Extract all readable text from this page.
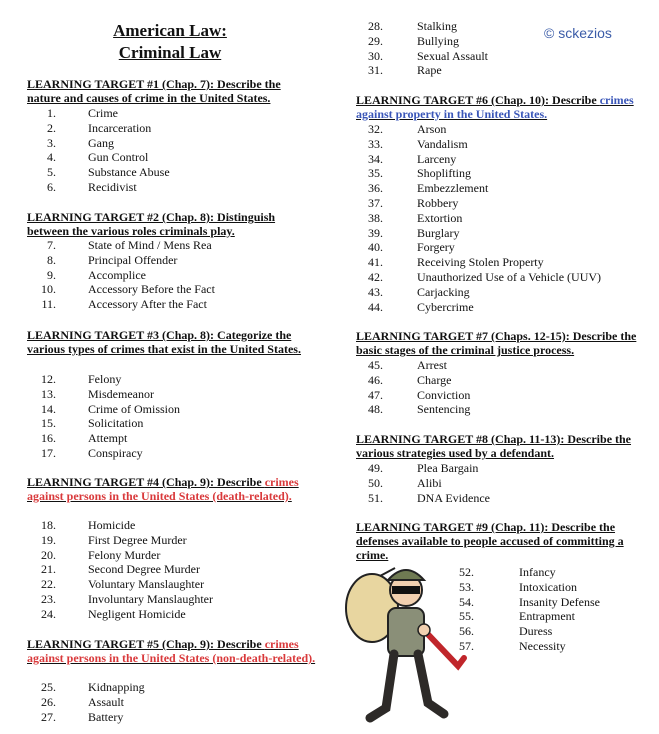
American Law:
Criminal Law
© sckezios
LEARNING TARGET #1 (Chap. 7): Describe the nature and causes of crime in the United States.
LEARNING TARGET #2 (Chap. 8): Distinguish between the various roles criminals play.
LEARNING TARGET #3 (Chap. 8): Categorize the various types of crimes that exist in the United States.
LEARNING TARGET #4 (Chap. 9): Describe crimes against persons in the United States (death-related).
LEARNING TARGET #5 (Chap. 9): Describe crimes against persons in the United States (non-death-related).
LEARNING TARGET #6 (Chap. 10): Describe crimes against property in the United States.
LEARNING TARGET #7 (Chaps. 12-15): Describe the basic stages of the criminal justice process.
LEARNING TARGET #8 (Chap. 11-13): Describe the various strategies used by a defendant.
LEARNING TARGET #9 (Chap. 11): Describe the defenses available to people accused of committing a crime.
1.	Crime
2.	Incarceration
3.	Gang
4.	Gun Control
5.	Substance Abuse
6.	Recidivist
7.	State of Mind / Mens Rea
8.	Principal Offender
9.	Accomplice
10.	Accessory Before the Fact
11.	Accessory After the Fact
12.	Felony
13.	Misdemeanor
14.	Crime of Omission
15.	Solicitation
16.	Attempt
17.	Conspiracy
18.	Homicide
19.	First Degree Murder
20.	Felony Murder
21.	Second Degree Murder
22.	Voluntary Manslaughter
23.	Involuntary Manslaughter
24.	Negligent Homicide
25.	Kidnapping
26.	Assault
27.	Battery
28.	Stalking
29.	Bullying
30.	Sexual Assault
31.	Rape
32.	Arson
33.	Vandalism
34.	Larceny
35.	Shoplifting
36.	Embezzlement
37.	Robbery
38.	Extortion
39.	Burglary
40.	Forgery
41.	Receiving Stolen Property
42.	Unauthorized Use of a Vehicle (UUV)
43.	Carjacking
44.	Cybercrime
45.	Arrest
46.	Charge
47.	Conviction
48.	Sentencing
49.	Plea Bargain
50.	Alibi
51.	DNA Evidence
52.	Infancy
53.	Intoxication
54.	Insanity Defense
55.	Entrapment
56.	Duress
57.	Necessity
